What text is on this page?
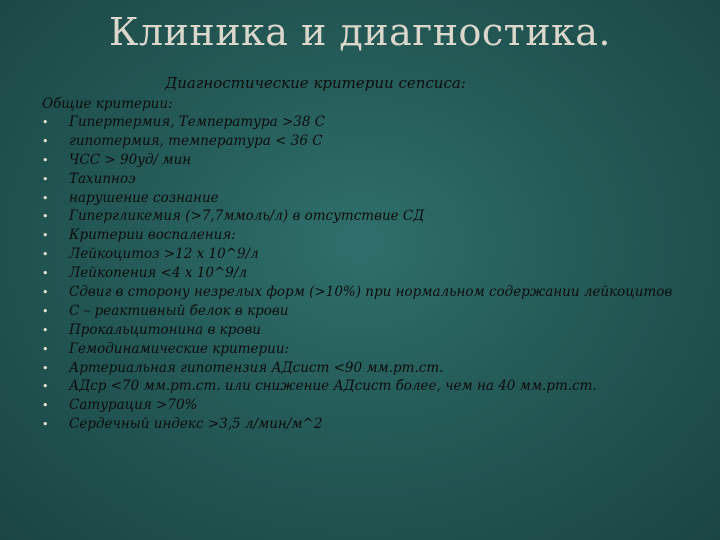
Клиника и диагностика.
Диагностические критерии сепсиса:
Общие критерии:
•	Гипертермия, Температура >38 С
•	гипотермия, температура < 36 С
•	ЧСС > 90уд/ мин
•	Тахипноэ
•	нарушение сознание
•	Гипергликемия (>7,7ммоль/л) в отсутствие СД
•	Критерии воспаления:
•	Лейкоцитоз >12 х 10^9/л
•	Лейкопения <4 х 10^9/л
•	Сдвиг в сторону незрелых форм (>10%) при нормальном содержании лейкоцитов
•	С – реактивный белок в крови
•	Прокальцитонина в крови
•	Гемодинамические критерии:
•	Артериальная гипотензия АДсист <90 мм.рт.ст.
•	АДср <70 мм.рт.ст. или снижение АДсист более, чем на 40 мм.рт.ст.
•	Сатурация >70%
•	Сердечный индекс >3,5 л/мин/м^2
